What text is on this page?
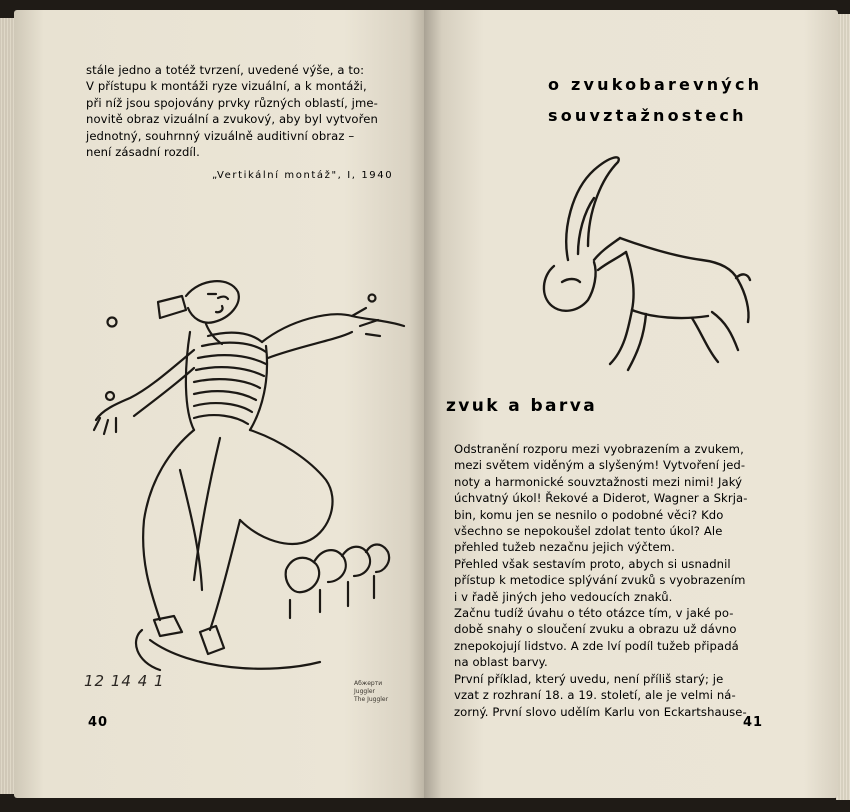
stále jedno a totéž tvrzení, uvedené výše, a to:
V přístupu k montáži ryze vizuální, a k montáži,
při níž jsou spojovány prvky různých oblastí, jme-
novitě obraz vizuální a zvukový, aby byl vytvořen
jednotný, souhrnný vizuálně auditivní obraz –
není zásadní rozdíl.
„Vertikální montáž", I, 1940
12 14 4 1	Абжерти
Juggler
The Juggler
40
o zvukobarevných
souvztažnostech
zvuk a barva
Odstranění rozporu mezi vyobrazením a zvukem,
mezi světem viděným a slyšeným! Vytvoření jed-
noty a harmonické souvztažnosti mezi nimi! Jaký
úchvatný úkol! Řekové a Diderot, Wagner a Skrja-
bin, komu jen se nesnilo o podobné věci? Kdo
všechno se nepokoušel zdolat tento úkol? Ale
přehled tužeb nezačnu jejich výčtem.
Přehled však sestavím proto, abych si usnadnil
přístup k metodice splývání zvuků s vyobrazením
i v řadě jiných jeho vedoucích znaků.
Začnu tudíž úvahu o této otázce tím, v jaké po-
době snahy o sloučení zvuku a obrazu už dávno
znepokojují lidstvo. A zde lví podíl tužeb připadá
na oblast barvy.
První příklad, který uvedu, není příliš starý; je
vzat z rozhraní 18. a 19. století, ale je velmi ná-
zorný. První slovo udělím Karlu von Eckartshause-
41
